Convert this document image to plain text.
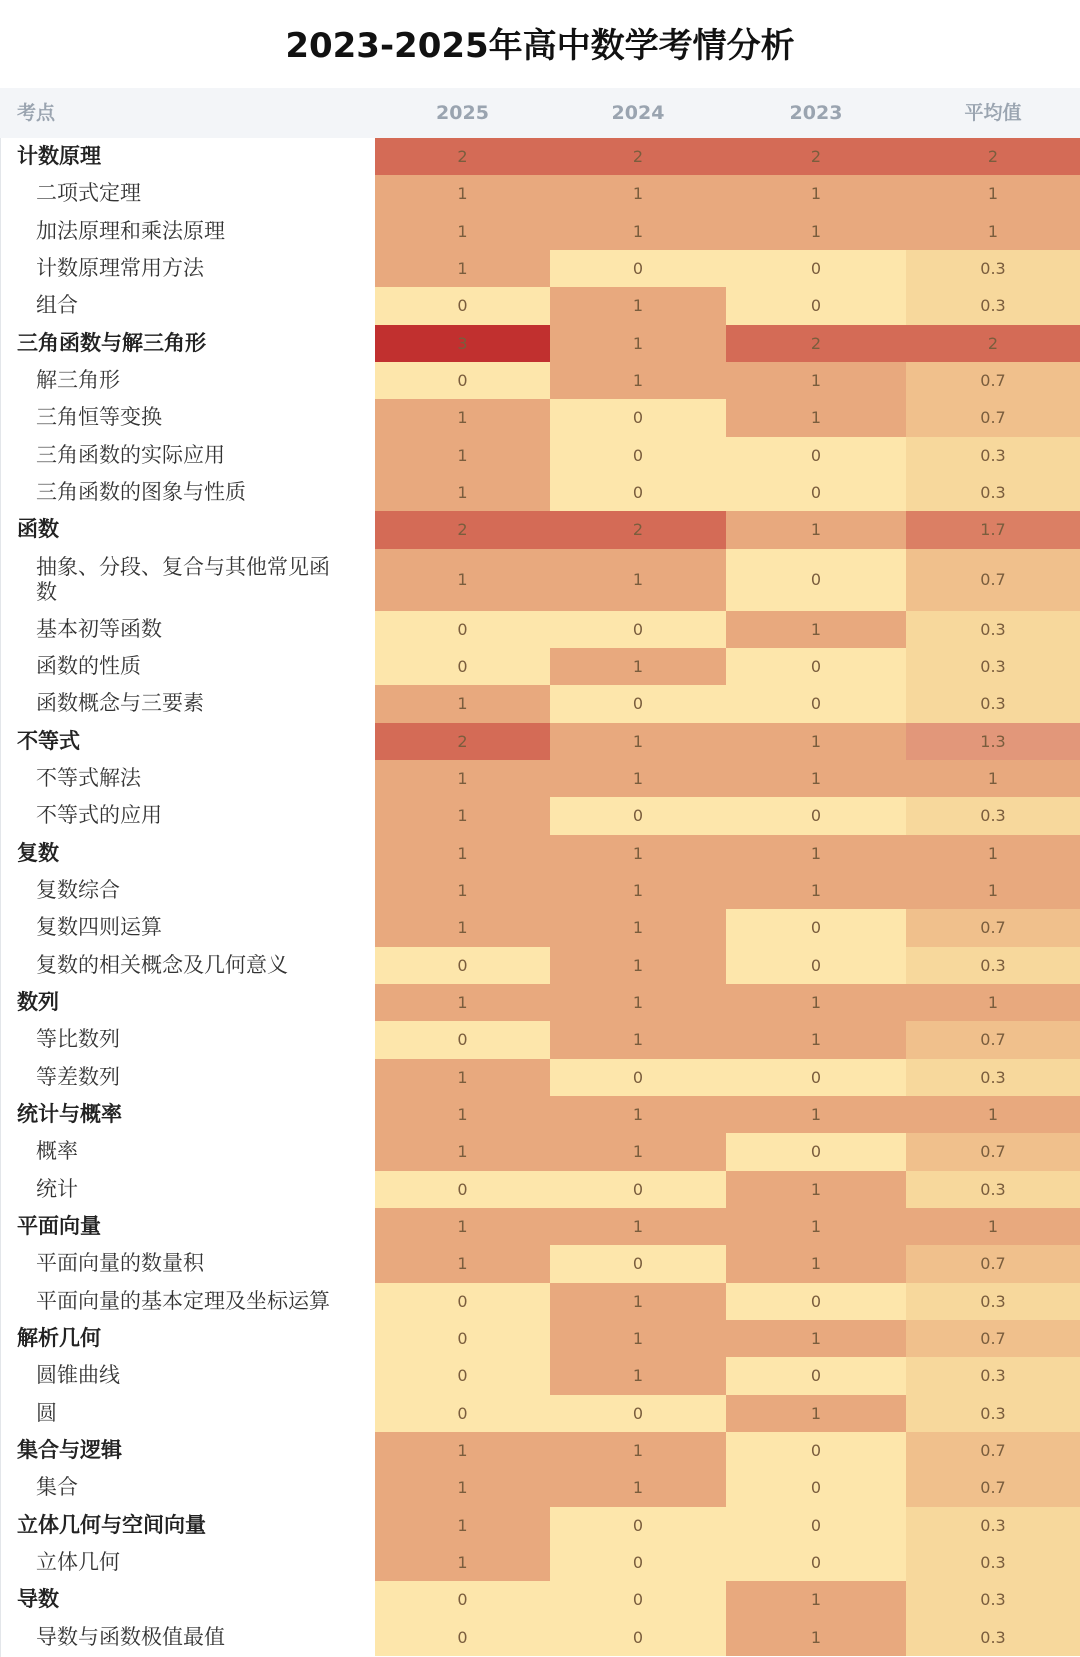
2023-2025年高中数学考情分析
考点	2025	2024	2023	平均值
计数原理	2	2	2	2
二项式定理	1	1	1	1
加法原理和乘法原理	1	1	1	1
计数原理常用方法	1	0	0	0.3
组合	0	1	0	0.3
三角函数与解三角形	3	1	2	2
解三角形	0	1	1	0.7
三角恒等变换	1	0	1	0.7
三角函数的实际应用	1	0	0	0.3
三角函数的图象与性质	1	0	0	0.3
函数	2	2	1	1.7
抽象、分段、复合与其他常见函数	1	1	0	0.7
基本初等函数	0	0	1	0.3
函数的性质	0	1	0	0.3
函数概念与三要素	1	0	0	0.3
不等式	2	1	1	1.3
不等式解法	1	1	1	1
不等式的应用	1	0	0	0.3
复数	1	1	1	1
复数综合	1	1	1	1
复数四则运算	1	1	0	0.7
复数的相关概念及几何意义	0	1	0	0.3
数列	1	1	1	1
等比数列	0	1	1	0.7
等差数列	1	0	0	0.3
统计与概率	1	1	1	1
概率	1	1	0	0.7
统计	0	0	1	0.3
平面向量	1	1	1	1
平面向量的数量积	1	0	1	0.7
平面向量的基本定理及坐标运算	0	1	0	0.3
解析几何	0	1	1	0.7
圆锥曲线	0	1	0	0.3
圆	0	0	1	0.3
集合与逻辑	1	1	0	0.7
集合	1	1	0	0.7
立体几何与空间向量	1	0	0	0.3
立体几何	1	0	0	0.3
导数	0	0	1	0.3
导数与函数极值最值	0	0	1	0.3
